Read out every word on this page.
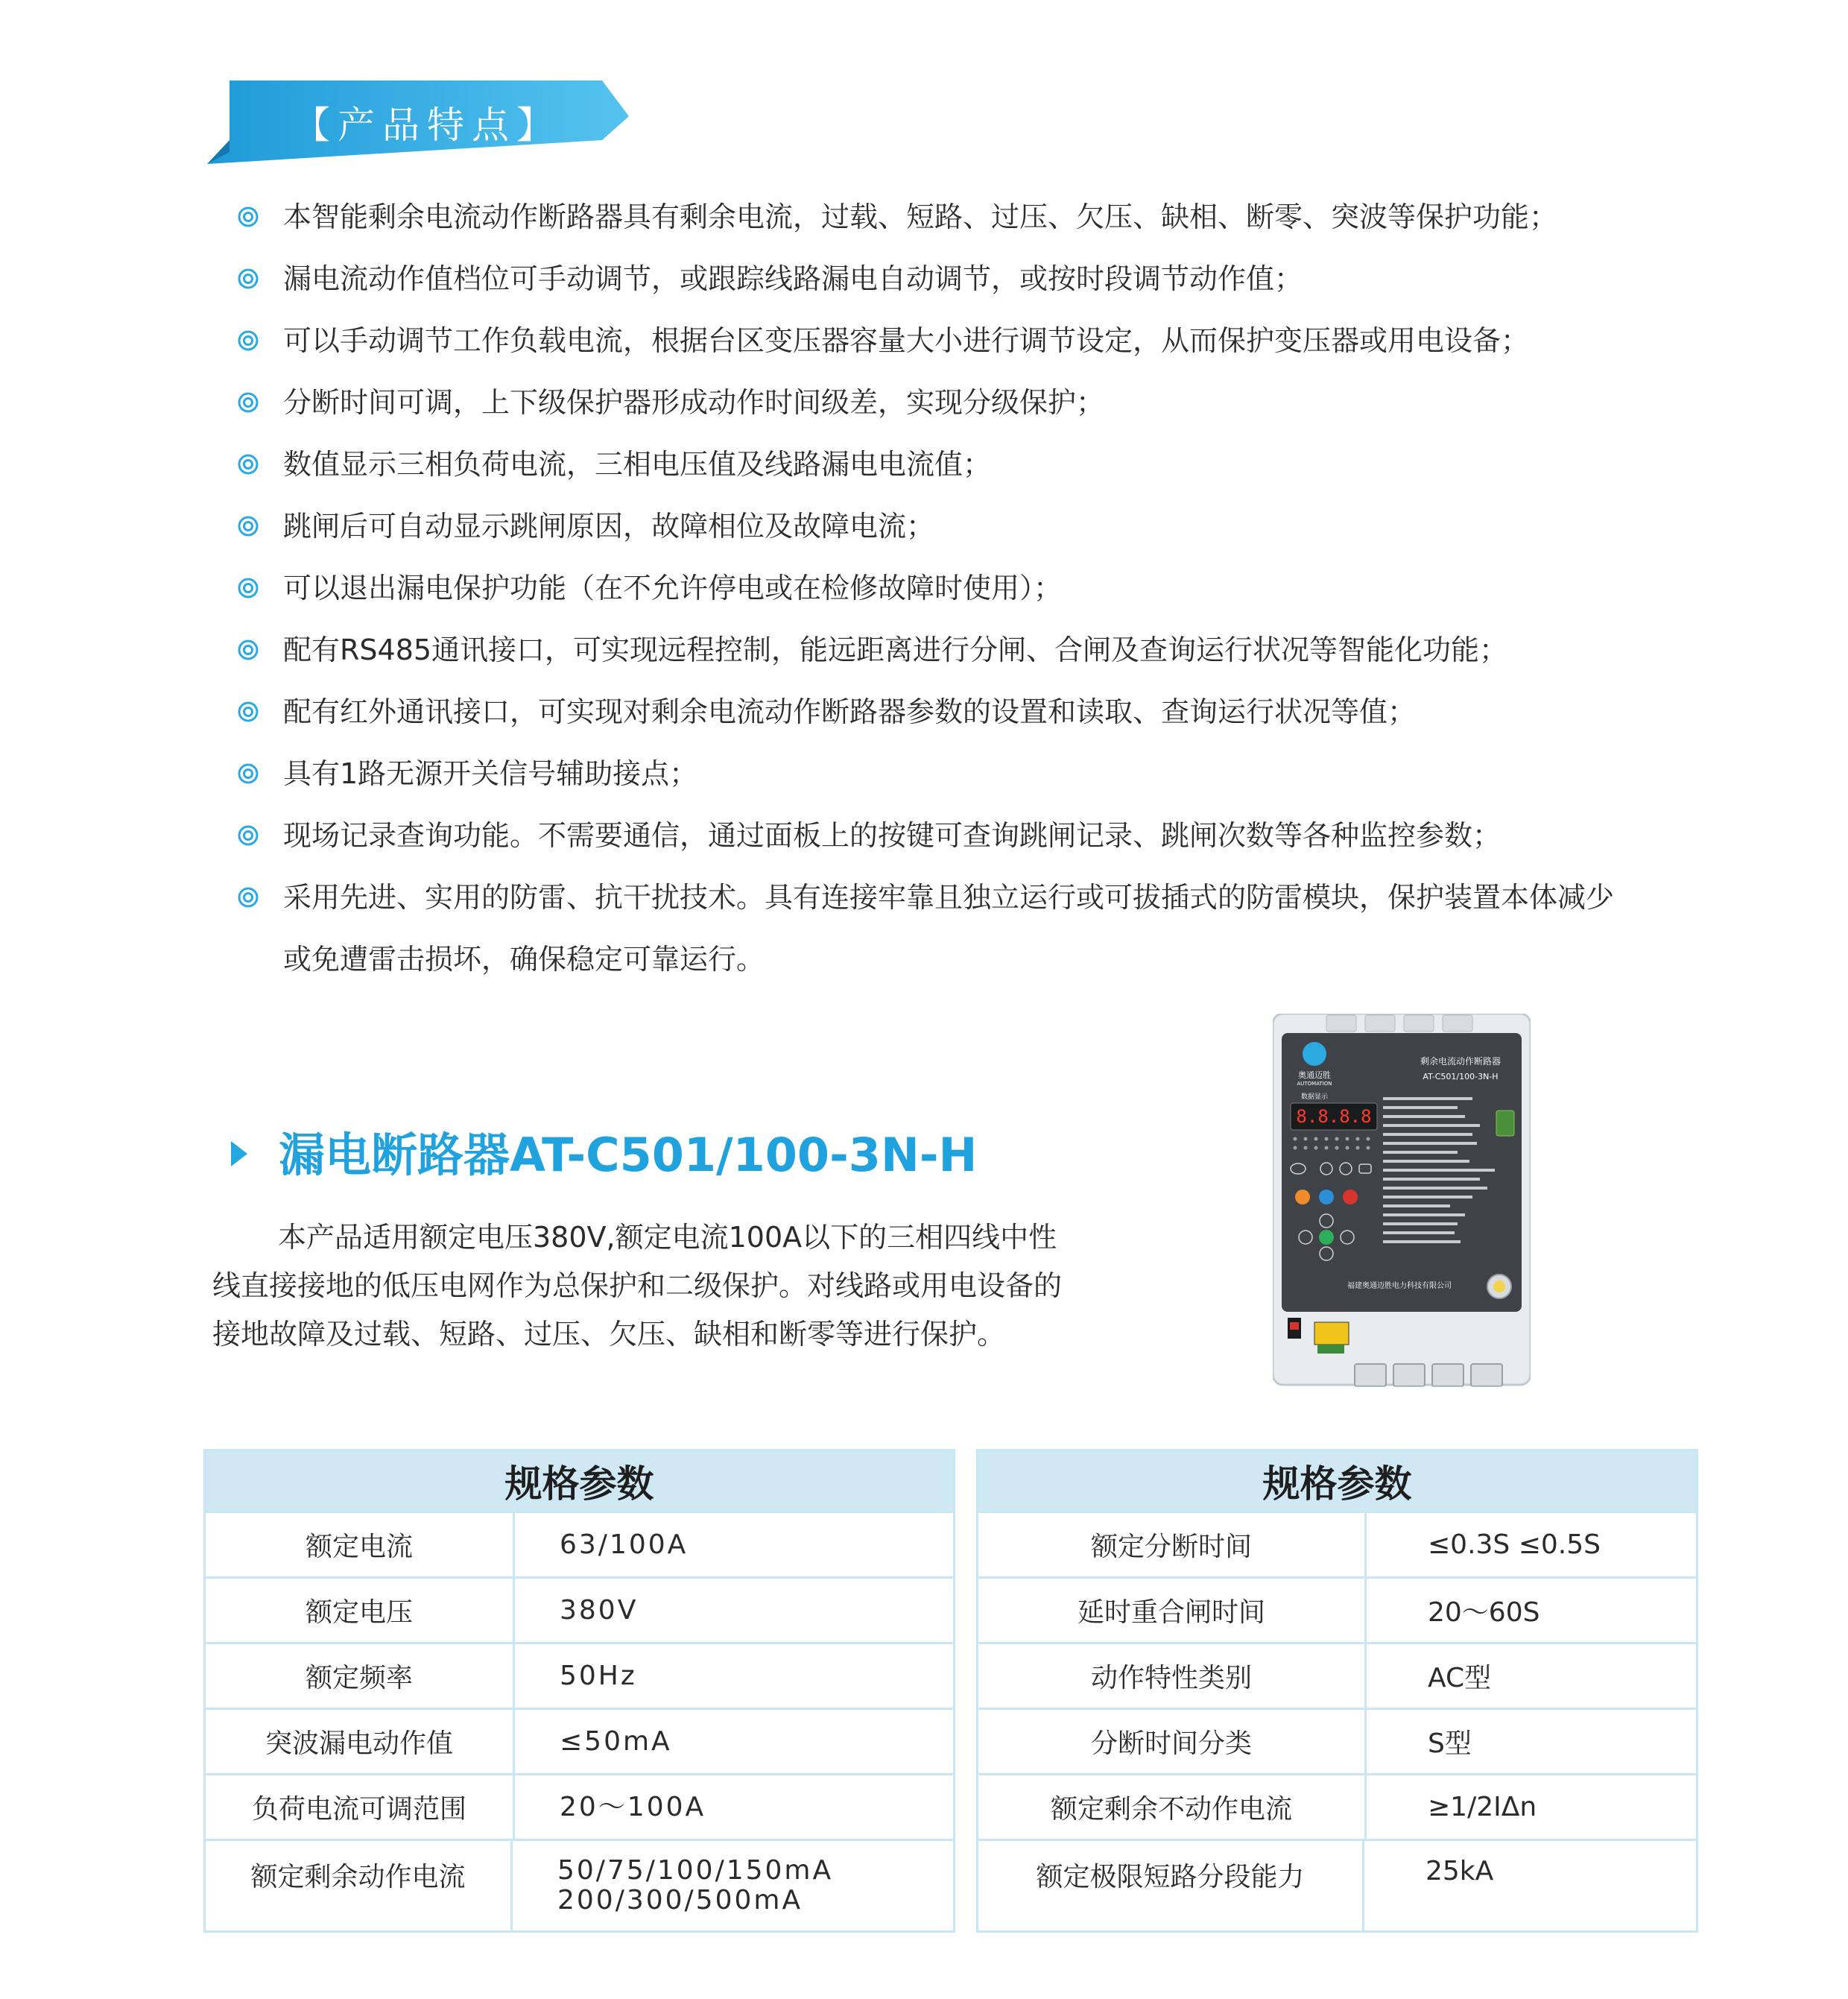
【产品特点】
本智能剩余电流动作断路器具有剩余电流，过载、短路、过压、欠压、缺相、断零、突波等保护功能；
漏电流动作值档位可手动调节，或跟踪线路漏电自动调节，或按时段调节动作值；
可以手动调节工作负载电流，根据台区变压器容量大小进行调节设定，从而保护变压器或用电设备；
分断时间可调，上下级保护器形成动作时间级差，实现分级保护；
数值显示三相负荷电流，三相电压值及线路漏电电流值；
跳闸后可自动显示跳闸原因，故障相位及故障电流；
可以退出漏电保护功能（在不允许停电或在检修故障时使用）；
配有RS485通讯接口，可实现远程控制，能远距离进行分闸、合闸及查询运行状况等智能化功能；
配有红外通讯接口，可实现对剩余电流动作断路器参数的设置和读取、查询运行状况等值；
具有1路无源开关信号辅助接点；
现场记录查询功能。不需要通信，通过面板上的按键可查询跳闸记录、跳闸次数等各种监控参数；
采用先进、实用的防雷、抗干扰技术。具有连接牢靠且独立运行或可拔插式的防雷模块，保护装置本体减少或免遭雷击损坏，确保稳定可靠运行。
漏电断路器AT-C501/100-3N-H

本产品适用额定电压380V,额定电流100A以下的三相四线中性线直接接地的低压电网作为总保护和二级保护。对线路或用电设备的接地故障及过载、短路、过压、欠压、缺相和断零等进行保护。

奥通迈胜
AUTOMATION
剩余电流动作断路器
AT-C501/100-3N-H
数据显示
8.8.8.8
福建奥通迈胜电力科技有限公司
规格参数
额定电流	63/100A
额定电压	380V
额定频率	50Hz
突波漏电动作值	≤50mA
负荷电流可调范围	20～100A
额定剩余动作电流	50/75/100/150mA
200/300/500mA
规格参数
额定分断时间	≤0.3S ≤0.5S
延时重合闸时间	20～60S
动作特性类别	AC型
分断时间分类	S型
额定剩余不动作电流	≥1/2IΔn
额定极限短路分段能力	25kA
